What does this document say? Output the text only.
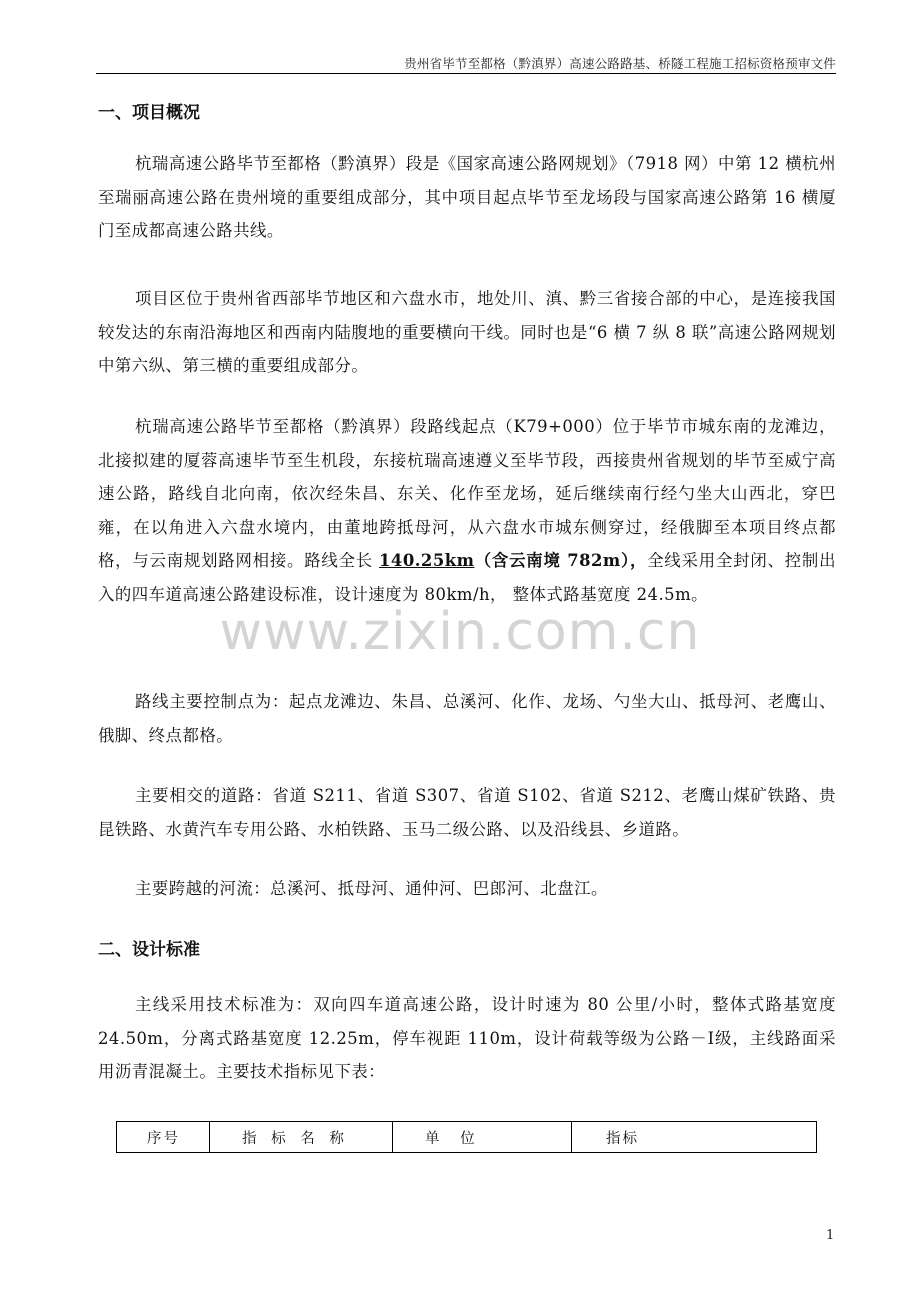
贵州省毕节至都格（黔滇界）高速公路路基、桥隧工程施工招标资格预审文件
一、项目概况
杭瑞高速公路毕节至都格（黔滇界）段是《国家高速公路网规划》（7918 网）中第 12 横杭州至瑞丽高速公路在贵州境的重要组成部分，其中项目起点毕节至龙场段与国家高速公路第 16 横厦门至成都高速公路共线。
项目区位于贵州省西部毕节地区和六盘水市，地处川、滇、黔三省接合部的中心，是连接我国较发达的东南沿海地区和西南内陆腹地的重要横向干线。同时也是“6 横 7 纵 8 联”高速公路网规划中第六纵、第三横的重要组成部分。
杭瑞高速公路毕节至都格（黔滇界）段路线起点（K79+000）位于毕节市城东南的龙滩边，北接拟建的厦蓉高速毕节至生机段，东接杭瑞高速遵义至毕节段，西接贵州省规划的毕节至威宁高速公路，路线自北向南，依次经朱昌、东关、化作至龙场，延后继续南行经勺坐大山西北，穿巴雍，在以角进入六盘水境内，由董地跨抵母河，从六盘水市城东侧穿过，经俄脚至本项目终点都格，与云南规划路网相接。路线全长 140.25km（含云南境 782m），全线采用全封闭、控制出入的四车道高速公路建设标准，设计速度为 80km/h， 整体式路基宽度 24.5m。
路线主要控制点为：起点龙滩边、朱昌、总溪河、化作、龙场、勺坐大山、抵母河、老鹰山、俄脚、终点都格。
主要相交的道路：省道 S211、省道 S307、省道 S102、省道 S212、老鹰山煤矿铁路、贵昆铁路、水黄汽车专用公路、水柏铁路、玉马二级公路、以及沿线县、乡道路。
主要跨越的河流：总溪河、抵母河、通仲河、巴郎河、北盘江。
二、设计标准
主线采用技术标准为：双向四车道高速公路，设计时速为 80 公里/小时，整体式路基宽度 24.50m，分离式路基宽度 12.25m，停车视距 110m，设计荷载等级为公路－Ⅰ级，主线路面采用沥青混凝土。主要技术指标见下表：
序号	指 标 名 称	单 位	指标
www.zixin.com.cn
1
